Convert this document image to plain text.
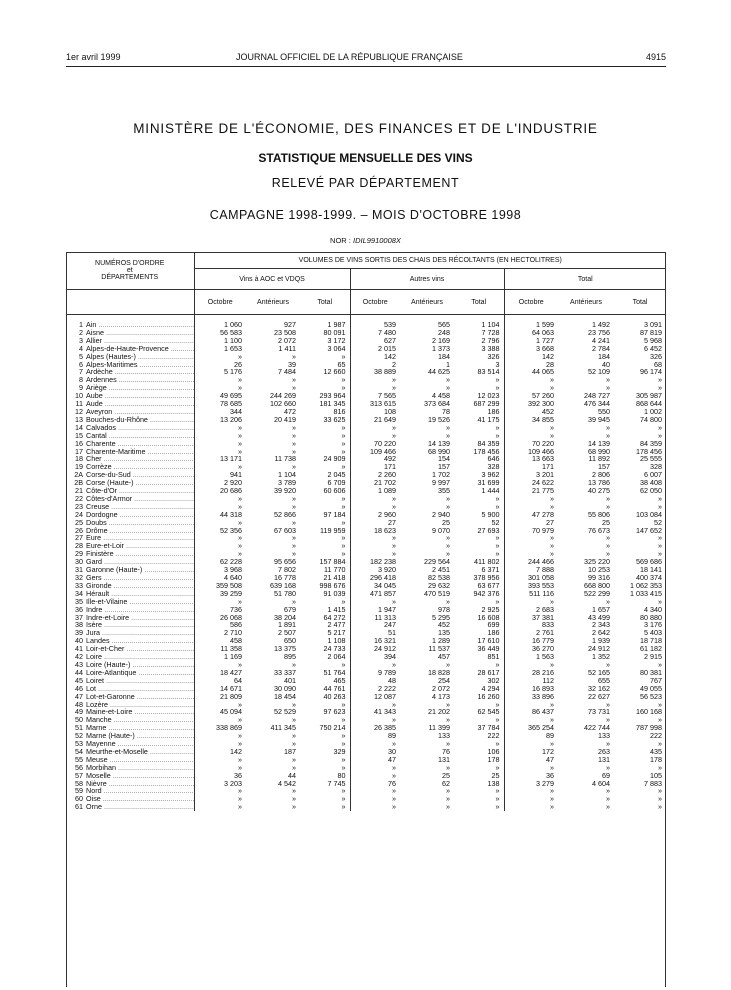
1er avril 1999	JOURNAL OFFICIEL DE LA RÉPUBLIQUE FRANÇAISE	4915
MINISTÈRE DE L'ÉCONOMIE, DES FINANCES ET DE L'INDUSTRIE
STATISTIQUE MENSUELLE DES VINS
RELEVÉ PAR DÉPARTEMENT
CAMPAGNE 1998-1999. – MOIS D'OCTOBRE 1998
NOR : IDIL9910008X
NUMÉROS D'ORDRE
et
DÉPARTEMENTS		VOLUMES DE VINS SORTIS DES CHAIS DES RÉCOLTANTS (EN HECTOLITRES)								
		Vins à AOC et VDQS			Autres vins			Total		
		Octobre	Antérieurs	Total	Octobre	Antérieurs	Total	Octobre	Antérieurs	Total
1	Ain .....	1 060	927	1 987	539	565	1 104	1 599	1 492	3 091
2	Aisne .....	56 583	23 508	80 091	7 480	248	7 728	64 063	23 756	87 819
3	Allier .....	1 100	2 072	3 172	627	2 169	2 796	1 727	4 241	5 968
4	Alpes-de-Haute-Provence .....	1 653	1 411	3 064	2 015	1 373	3 388	3 668	2 784	6 452
5	Alpes (Hautes-) .....	»	»	»	142	184	326	142	184	326
6	Alpes-Maritimes .....	26	39	65	2	1	3	28	40	68
7	Ardèche .....	5 176	7 484	12 660	38 889	44 625	83 514	44 065	52 109	96 174
8	Ardennes .....	»	»	»	»	»	»	»	»	»
9	Ariège .....	»	»	»	»	»	»	»	»	»
10	Aube .....	49 695	244 269	293 964	7 565	4 458	12 023	57 260	248 727	305 987
11	Aude .....	78 685	102 660	181 345	313 615	373 684	687 299	392 300	476 344	868 644
12	Aveyron .....	344	472	816	108	78	186	452	550	1 002
13	Bouches-du-Rhône .....	13 206	20 419	33 625	21 649	19 526	41 175	34 855	39 945	74 800
14	Calvados .....	»	»	»	»	»	»	»	»	»
15	Cantal .....	»	»	»	»	»	»	»	»	»
16	Charente .....	»	»	»	70 220	14 139	84 359	70 220	14 139	84 359
17	Charente-Maritime .....	»	»	»	109 466	68 990	178 456	109 466	68 990	178 456
18	Cher .....	13 171	11 738	24 909	492	154	646	13 663	11 892	25 555
19	Corrèze .....	»	»	»	171	157	328	171	157	328
2A	Corse-du-Sud .....	941	1 104	2 045	2 260	1 702	3 962	3 201	2 806	6 007
2B	Corse (Haute-) .....	2 920	3 789	6 709	21 702	9 997	31 699	24 622	13 786	38 408
21	Côte-d'Or .....	20 686	39 920	60 606	1 089	355	1 444	21 775	40 275	62 050
22	Côtes-d'Armor .....	»	»	»	»	»	»	»	»	»
23	Creuse .....	»	»	»	»	»	»	»	»	»
24	Dordogne .....	44 318	52 866	97 184	2 960	2 940	5 900	47 278	55 806	103 084
25	Doubs .....	»	»	»	27	25	52	27	25	52
26	Drôme .....	52 356	67 603	119 959	18 623	9 070	27 693	70 979	76 673	147 652
27	Eure .....	»	»	»	»	»	»	»	»	»
28	Eure-et-Loir .....	»	»	»	»	»	»	»	»	»
29	Finistère .....	»	»	»	»	»	»	»	»	»
30	Gard .....	62 228	95 656	157 884	182 238	229 564	411 802	244 466	325 220	569 686
31	Garonne (Haute-) .....	3 968	7 802	11 770	3 920	2 451	6 371	7 888	10 253	18 141
32	Gers .....	4 640	16 778	21 418	296 418	82 538	378 956	301 058	99 316	400 374
33	Gironde .....	359 508	639 168	998 676	34 045	29 632	63 677	393 553	668 800	1 062 353
34	Hérault .....	39 259	51 780	91 039	471 857	470 519	942 376	511 116	522 299	1 033 415
35	Ille-et-Vilaine .....	»	»	»	»	»	»	»	»	»
36	Indre .....	736	679	1 415	1 947	978	2 925	2 683	1 657	4 340
37	Indre-et-Loire .....	26 068	38 204	64 272	11 313	5 295	16 608	37 381	43 499	80 880
38	Isère .....	586	1 891	2 477	247	452	699	833	2 343	3 176
39	Jura .....	2 710	2 507	5 217	51	135	186	2 761	2 642	5 403
40	Landes .....	458	650	1 108	16 321	1 289	17 610	16 779	1 939	18 718
41	Loir-et-Cher .....	11 358	13 375	24 733	24 912	11 537	36 449	36 270	24 912	61 182
42	Loire .....	1 169	895	2 064	394	457	851	1 563	1 352	2 915
43	Loire (Haute-) .....	»	»	»	»	»	»	»	»	»
44	Loire-Atlantique .....	18 427	33 337	51 764	9 789	18 828	28 617	28 216	52 165	80 381
45	Loiret .....	64	401	465	48	254	302	112	655	767
46	Lot .....	14 671	30 090	44 761	2 222	2 072	4 294	16 893	32 162	49 055
47	Lot-et-Garonne .....	21 809	18 454	40 263	12 087	4 173	16 260	33 896	22 627	56 523
48	Lozère .....	»	»	»	»	»	»	»	»	»
49	Maine-et-Loire .....	45 094	52 529	97 623	41 343	21 202	62 545	86 437	73 731	160 168
50	Manche .....	»	»	»	»	»	»	»	»	»
51	Marne .....	338 869	411 345	750 214	26 385	11 399	37 784	365 254	422 744	787 998
52	Marne (Haute-) .....	»	»	»	89	133	222	89	133	222
53	Mayenne .....	»	»	»	»	»	»	»	»	»
54	Meurthe-et-Moselle .....	142	187	329	30	76	106	172	263	435
55	Meuse .....	»	»	»	47	131	178	47	131	178
56	Morbihan .....	»	»	»	»	»	»	»	»	»
57	Moselle .....	36	44	80	»	25	25	36	69	105
58	Nièvre .....	3 203	4 542	7 745	76	62	138	3 279	4 604	7 883
59	Nord .....	»	»	»	»	»	»	»	»	»
60	Oise .....	»	»	»	»	»	»	»	»	»
61	Orne .....	»	»	»	»	»	»	»	»	»
